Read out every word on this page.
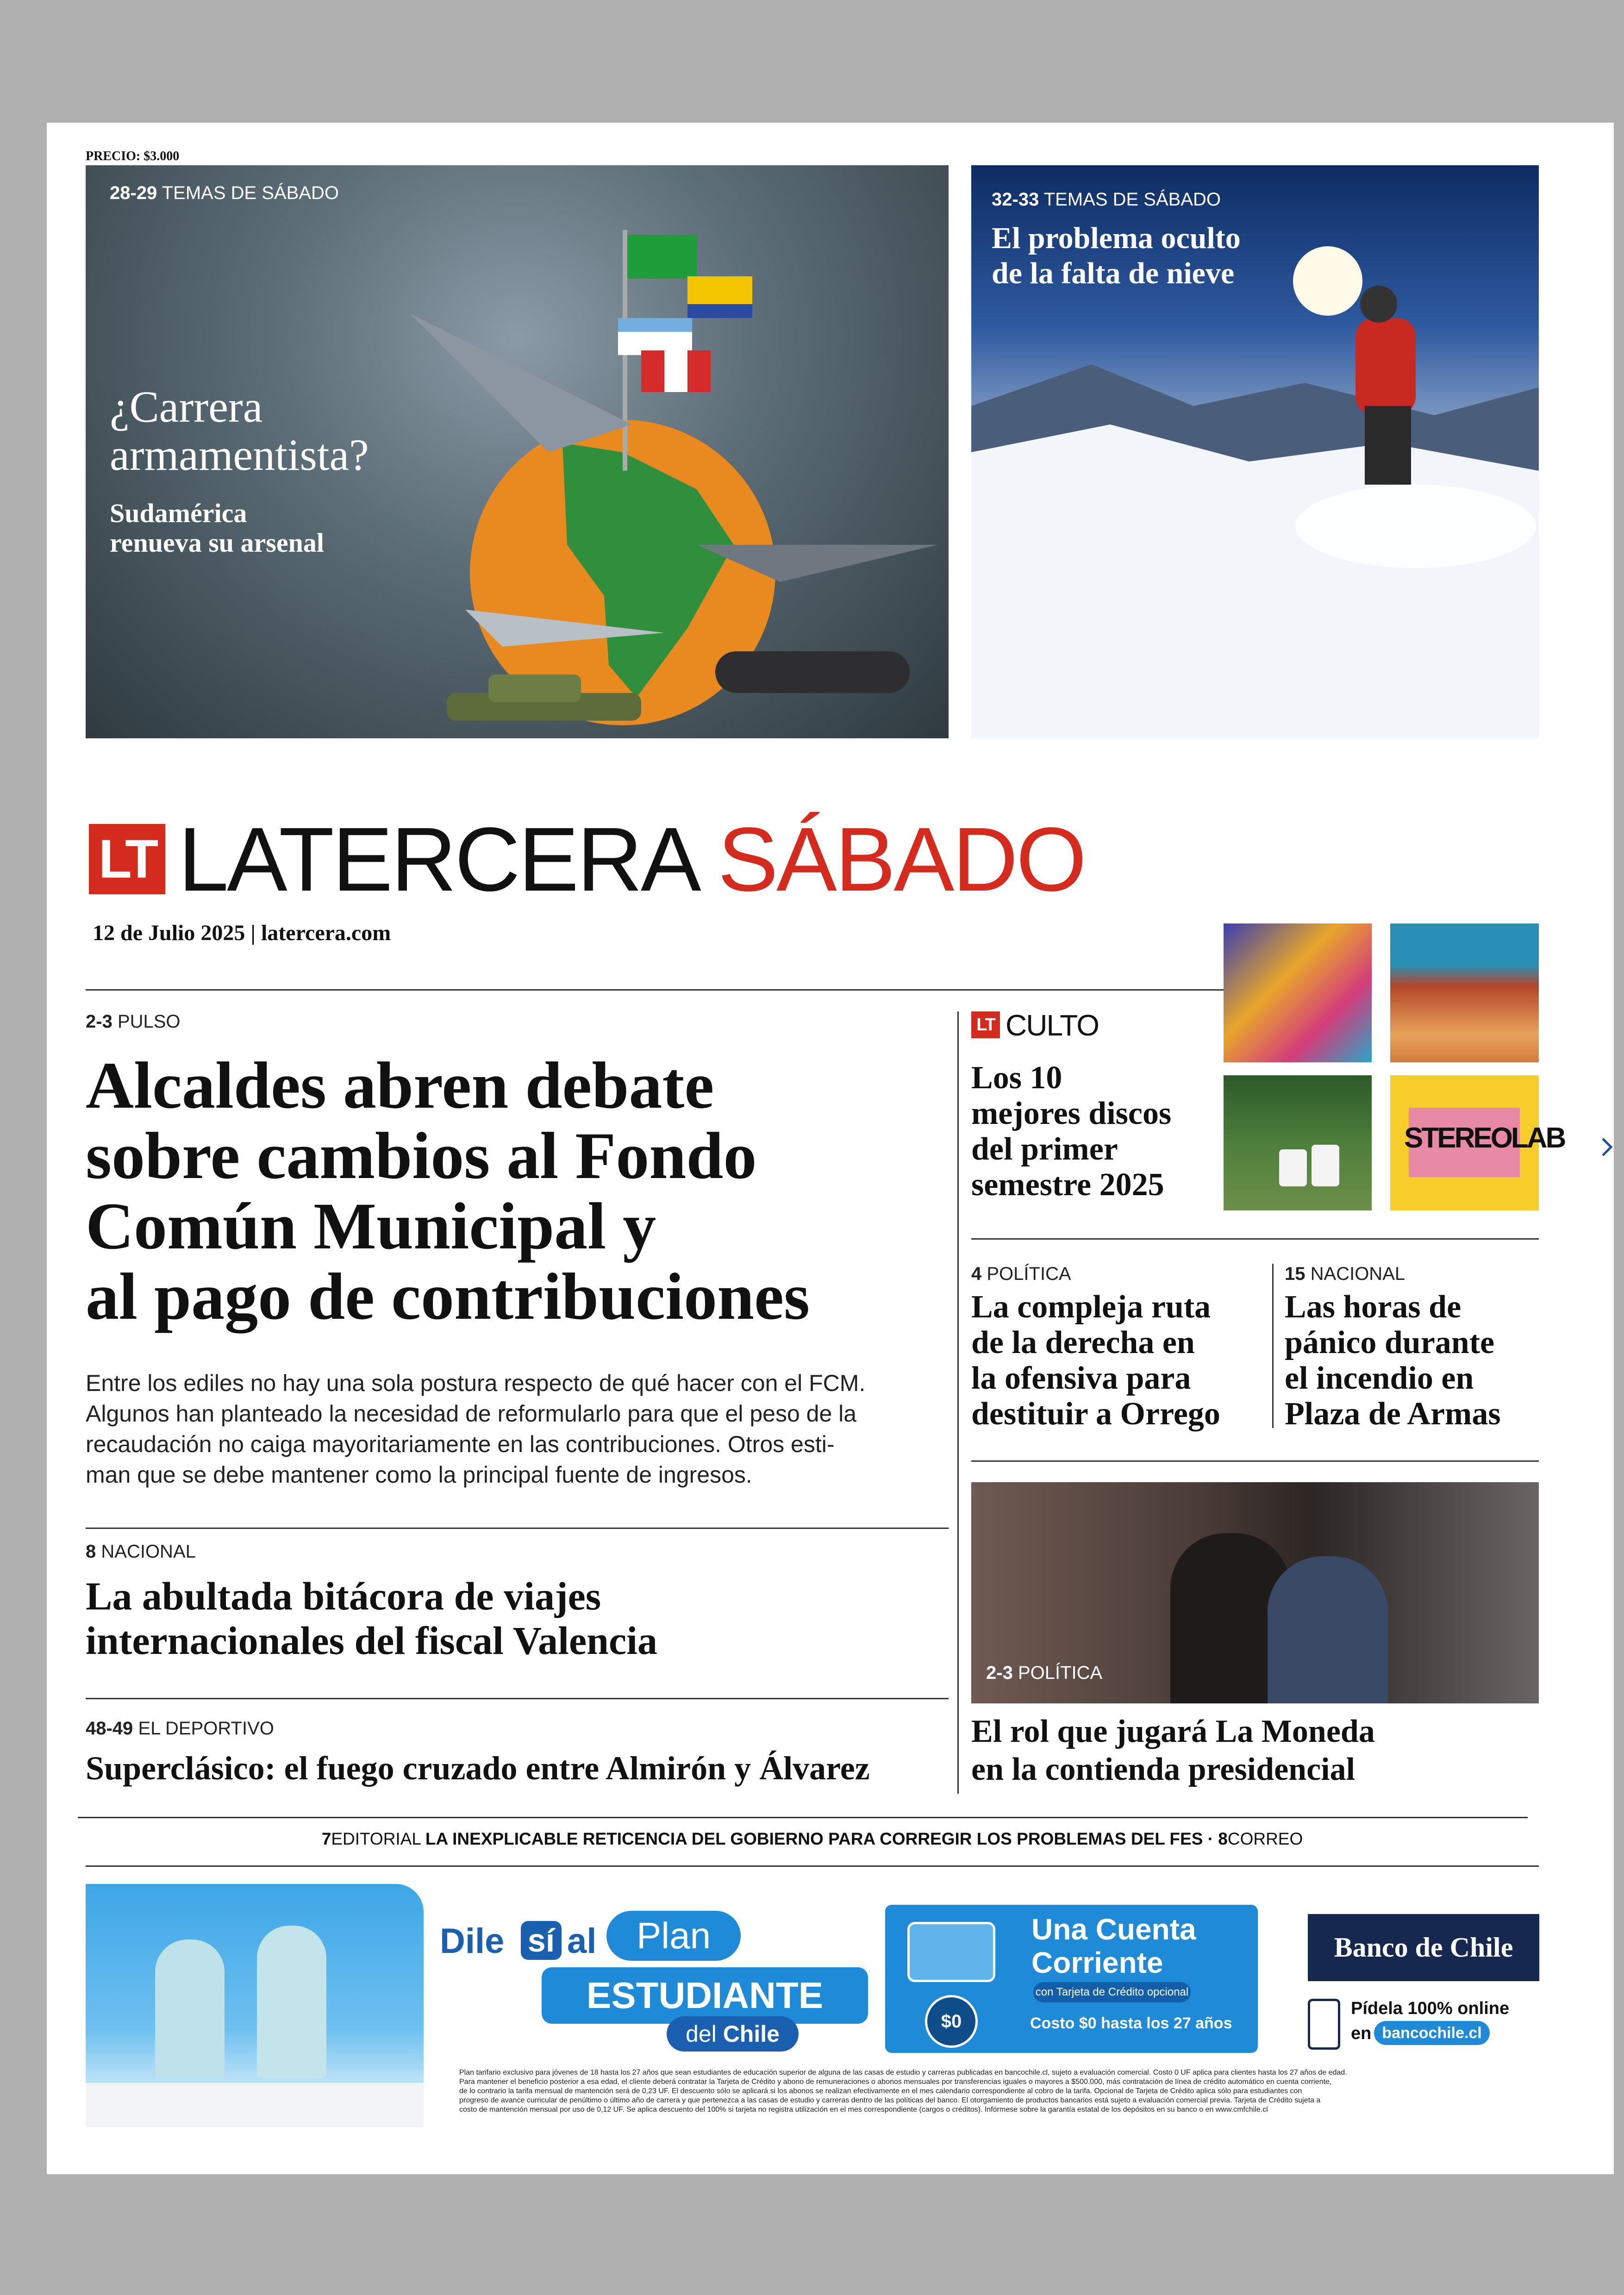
PRECIO: $3.000
28-29 TEMAS DE SÁBADO
¿Carrera
armamentista?
Sudamérica
renueva su arsenal
32-33 TEMAS DE SÁBADO
El problema oculto
de la falta de nieve
LT LATERCERA SÁBADO
12 de Julio 2025 | latercera.com
2-3 PULSO
Alcaldes abren debate
sobre cambios al Fondo
Común Municipal y
al pago de contribuciones
Entre los ediles no hay una sola postura respecto de qué hacer con el FCM.
Algunos han planteado la necesidad de reformularlo para que el peso de la
recaudación no caiga mayoritariamente en las contribuciones. Otros esti-
man que se debe mantener como la principal fuente de ingresos.
8 NACIONAL
La abultada bitácora de viajes
internacionales del fiscal Valencia
48-49 EL DEPORTIVO
Superclásico: el fuego cruzado entre Almirón y Álvarez
LT CULTO
Los 10
mejores discos
del primer
semestre 2025
STEREOLAB
4 POLÍTICA
La compleja ruta
de la derecha en
la ofensiva para
destituir a Orrego
15 NACIONAL
Las horas de
pánico durante
el incendio en
Plaza de Armas
2-3 POLÍTICA
El rol que jugará La Moneda
en la contienda presidencial
7EDITORIAL LA INEXPLICABLE RETICENCIA DEL GOBIERNO PARA CORREGIR LOS PROBLEMAS DEL FES · 8CORREO
Dile sí al	Plan
ESTUDIANTE
del Chile
Una Cuenta
Corriente
con Tarjeta de Crédito opcional
$0	Costo $0 hasta los 27 años
Banco de Chile
Pídela 100% online
en bancochile.cl
Plan tarifario exclusivo para jóvenes de 18 hasta los 27 años que sean estudiantes de educación superior de alguna de las casas de estudio y carreras publicadas en bancochile.cl, sujeto a evaluación comercial. Costo 0 UF aplica para clientes hasta los 27 años de edad.
Para mantener el beneficio posterior a esa edad, el cliente deberá contratar la Tarjeta de Crédito y abono de remuneraciones o abonos mensuales por transferencias iguales o mayores a $500.000, más contratación de línea de crédito automático en cuenta corriente,
de lo contrario la tarifa mensual de mantención será de 0,23 UF. El descuento sólo se aplicará si los abonos se realizan efectivamente en el mes calendario correspondiente al cobro de la tarifa. Opcional de Tarjeta de Crédito aplica sólo para estudiantes con
progreso de avance curricular de penúltimo o último año de carrera y que pertenezca a las casas de estudio y carreras dentro de las políticas del banco. El otorgamiento de productos bancarios está sujeto a evaluación comercial previa. Tarjeta de Crédito sujeta a
costo de mantención mensual por uso de 0,12 UF. Se aplica descuento del 100% si tarjeta no registra utilización en el mes correspondiente (cargos o créditos). Infórmese sobre la garantía estatal de los depósitos en su banco o en www.cmfchile.cl
